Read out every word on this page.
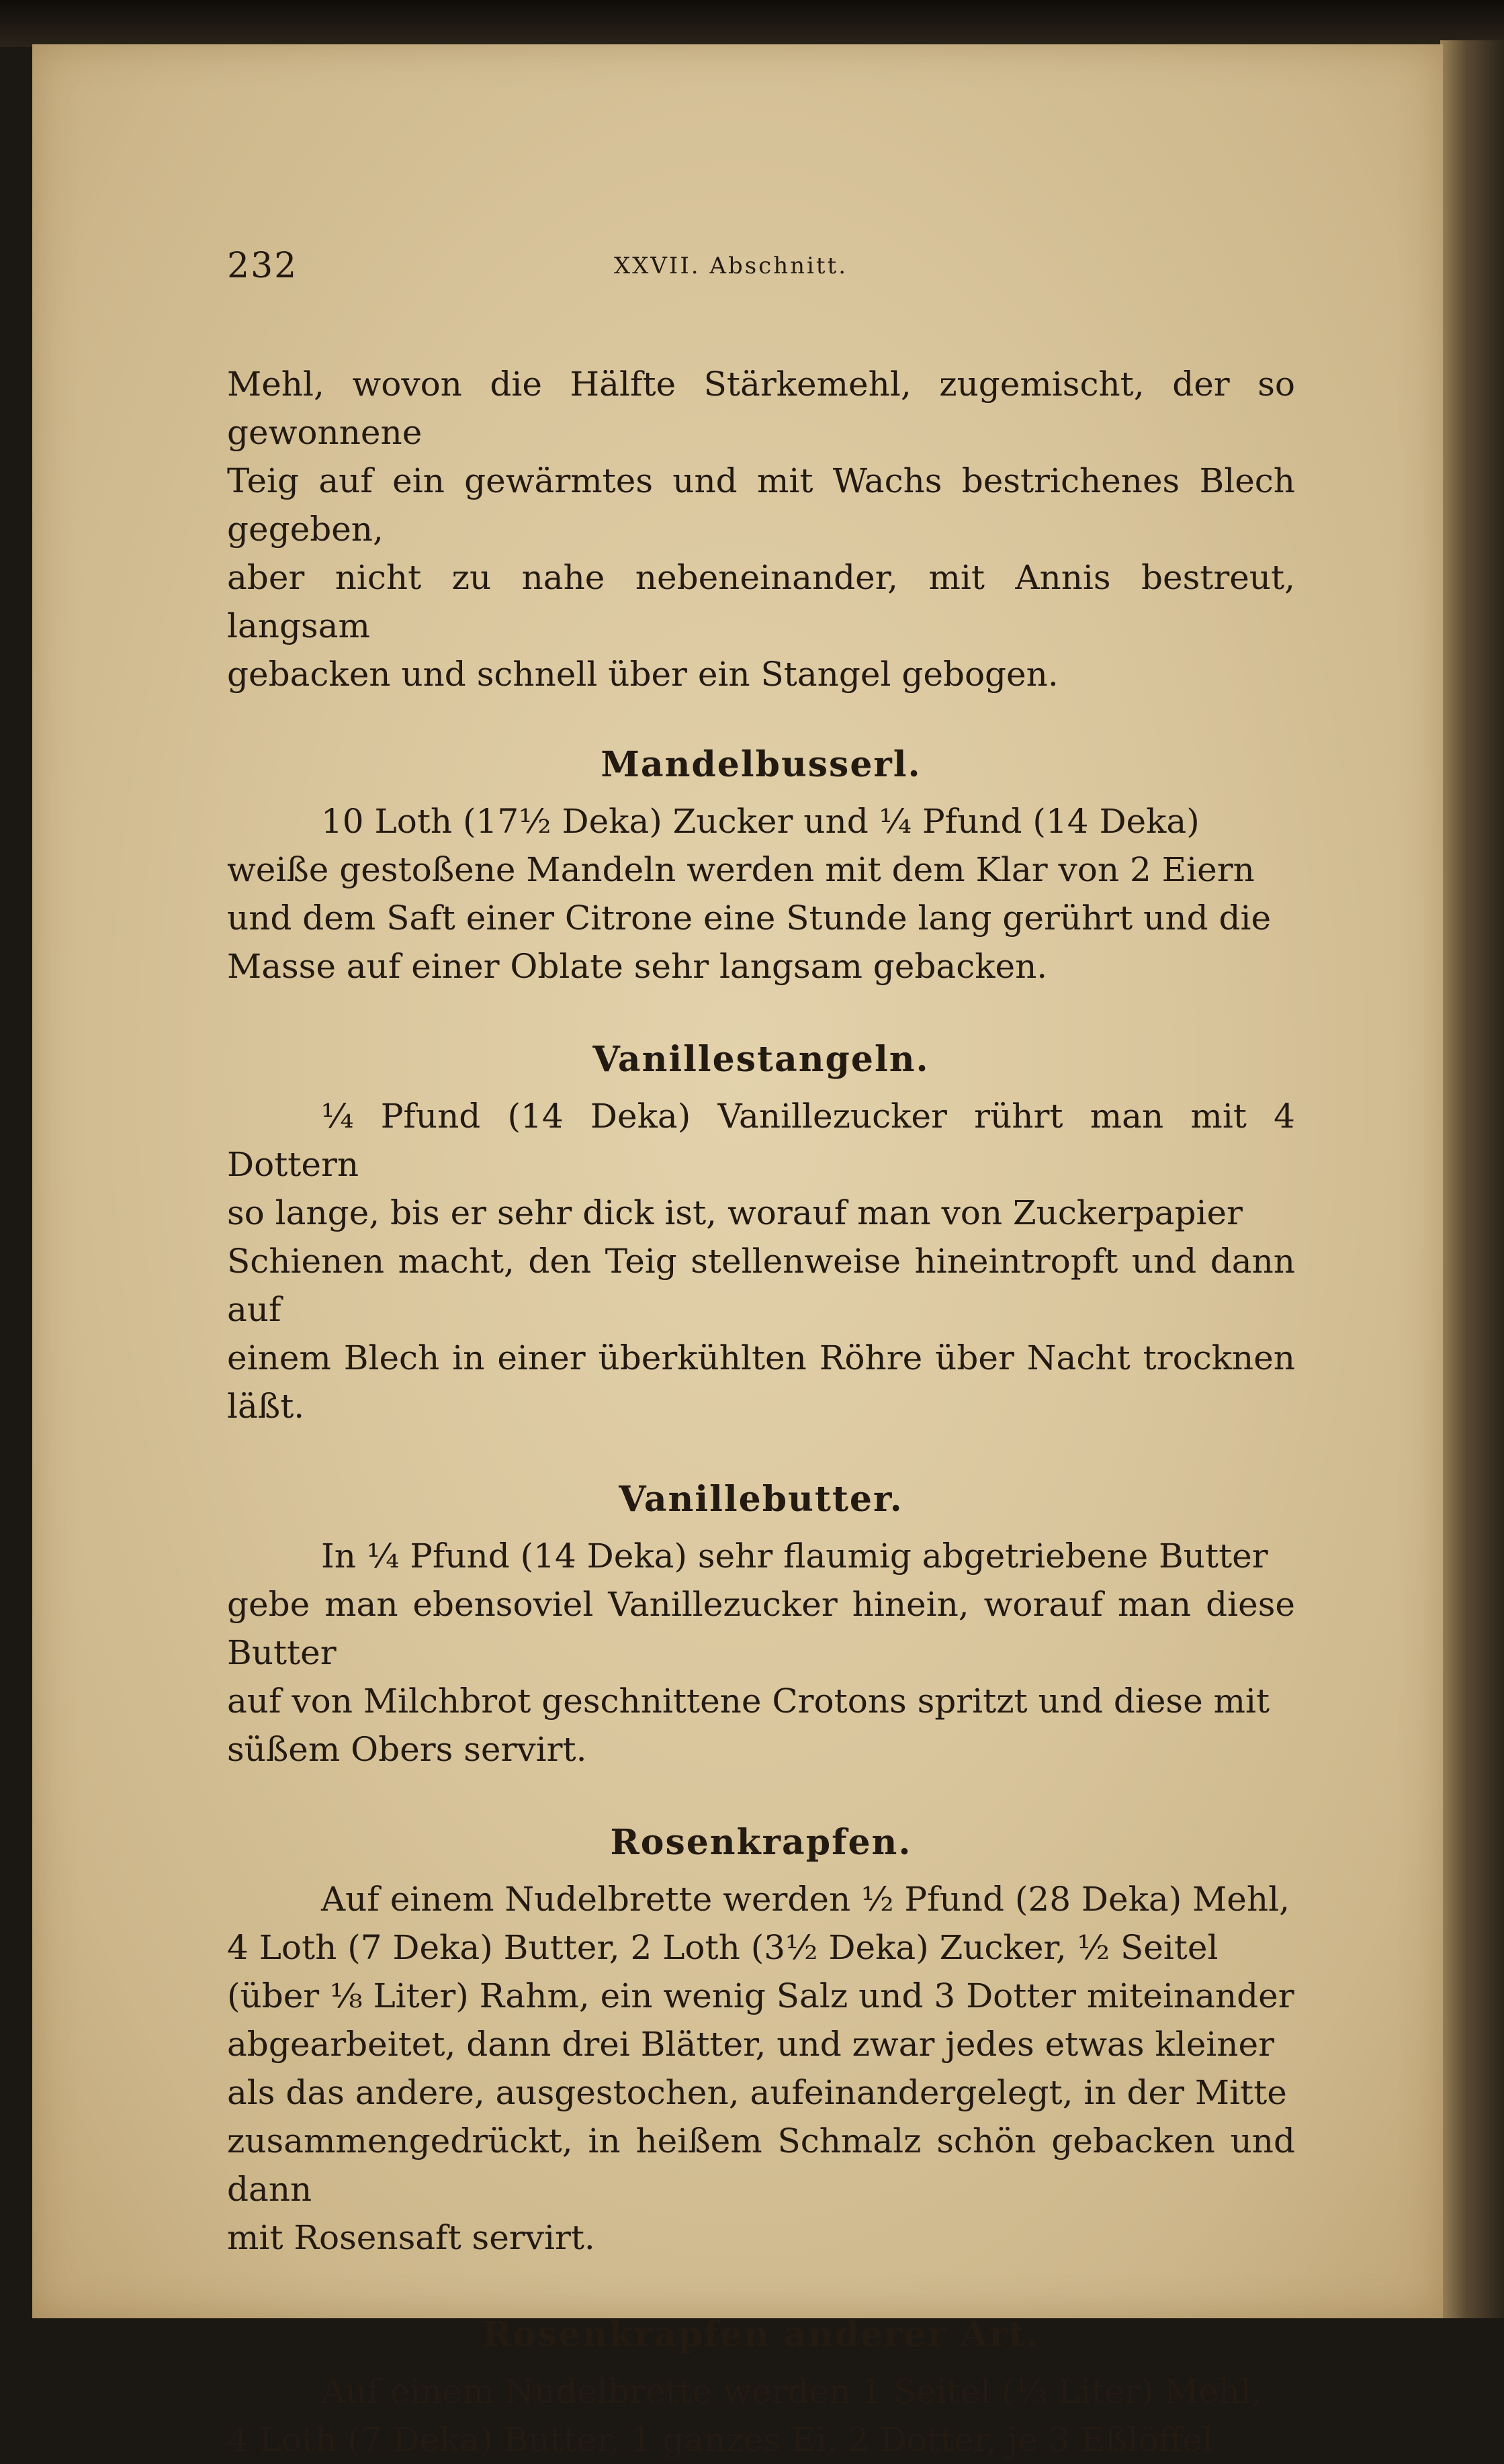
232	XXVII. Abschnitt.

Mehl, wovon die Hälfte Stärkemehl, zugemischt, der so gewonnene

Teig auf ein gewärmtes und mit Wachs bestrichenes Blech gegeben,

aber nicht zu nahe nebeneinander, mit Annis bestreut, langsam

gebacken und schnell über ein Stangel gebogen.

Mandelbusserl.

10 Loth (17½ Deka) Zucker und ¼ Pfund (14 Deka)

weiße gestoßene Mandeln werden mit dem Klar von 2 Eiern

und dem Saft einer Citrone eine Stunde lang gerührt und die

Masse auf einer Oblate sehr langsam gebacken.

Vanillestangeln.

¼ Pfund (14 Deka) Vanillezucker rührt man mit 4 Dottern

so lange, bis er sehr dick ist, worauf man von Zuckerpapier

Schienen macht, den Teig stellenweise hineintropft und dann auf

einem Blech in einer überkühlten Röhre über Nacht trocknen läßt.

Vanillebutter.

In ¼ Pfund (14 Deka) sehr flaumig abgetriebene Butter

gebe man ebensoviel Vanillezucker hinein, worauf man diese Butter

auf von Milchbrot geschnittene Crotons spritzt und diese mit

süßem Obers servirt.

Rosenkrapfen.

Auf einem Nudelbrette werden ½ Pfund (28 Deka) Mehl,

4 Loth (7 Deka) Butter, 2 Loth (3½ Deka) Zucker, ½ Seitel

(über ⅛ Liter) Rahm, ein wenig Salz und 3 Dotter miteinander

abgearbeitet, dann drei Blätter, und zwar jedes etwas kleiner

als das andere, ausgestochen, aufeinandergelegt, in der Mitte

zusammengedrückt, in heißem Schmalz schön gebacken und dann

mit Rosensaft servirt.

Rosenkrapfen anderer Art.

Auf einem Nudelbrette werden 1 Seitel (⅓ Liter) Mehl,

4 Loth (7 Deka) Butter, 1 ganzes Ei, 2 Dotter, je 3 Eßlöffel
